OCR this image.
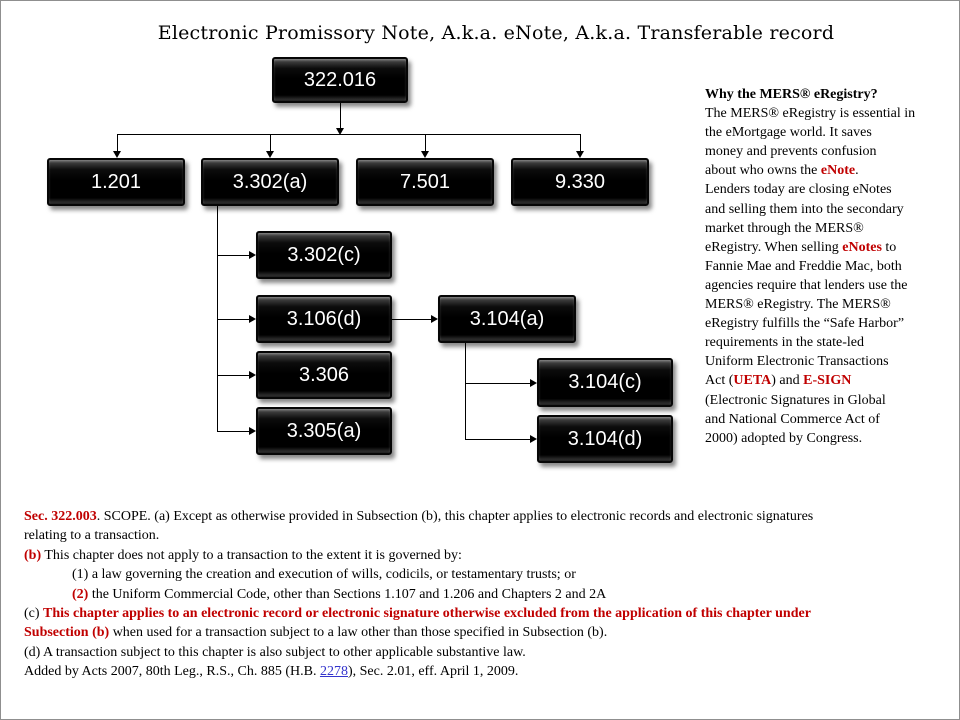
Electronic Promissory Note, A.k.a. eNote, A.k.a. Transferable record
322.016
1.201	3.302(a)	7.501	9.330
3.302(c)
3.106(d)
3.306
3.305(a)
3.104(a)
3.104(c)
3.104(d)
Why the MERS® eRegistry?
The MERS® eRegistry is essential in
the eMortgage world. It saves
money and prevents confusion
about who owns the eNote.
Lenders today are closing eNotes
and selling them into the secondary
market through the MERS®
eRegistry. When selling eNotes to
Fannie Mae and Freddie Mac, both
agencies require that lenders use the
MERS® eRegistry. The MERS®
eRegistry fulfills the “Safe Harbor”
requirements in the state-led
Uniform Electronic Transactions
Act (UETA) and E-SIGN
(Electronic Signatures in Global
and National Commerce Act of
2000) adopted by Congress.
Sec. 322.003. SCOPE. (a) Except as otherwise provided in Subsection (b), this chapter applies to electronic records and electronic signatures
relating to a transaction.
(b) This chapter does not apply to a transaction to the extent it is governed by:
(1) a law governing the creation and execution of wills, codicils, or testamentary trusts; or
(2) the Uniform Commercial Code, other than Sections 1.107 and 1.206 and Chapters 2 and 2A
(c) This chapter applies to an electronic record or electronic signature otherwise excluded from the application of this chapter under
Subsection (b) when used for a transaction subject to a law other than those specified in Subsection (b).
(d) A transaction subject to this chapter is also subject to other applicable substantive law.
Added by Acts 2007, 80th Leg., R.S., Ch. 885 (H.B. 2278), Sec. 2.01, eff. April 1, 2009.
